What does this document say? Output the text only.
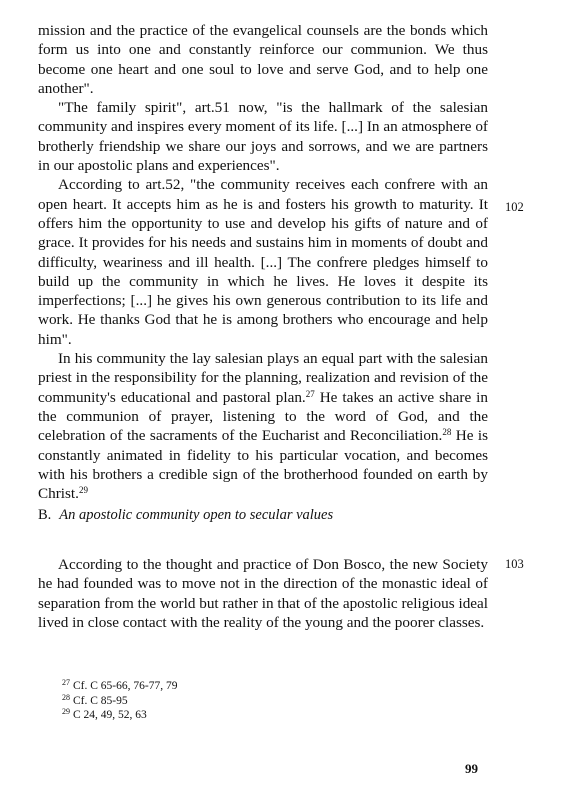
mission and the practice of the evangelical counsels are the bonds which form us into one and constantly reinforce our communion. We thus become one heart and one soul to love and serve God, and to help one another".

"The family spirit", art.51 now, "is the hallmark of the salesian community and inspires every moment of its life. [...] In an atmosphere of brotherly friendship we share our joys and sorrows, and we are partners in our apostolic plans and experiences".

According to art.52, "the community receives each confrere with an open heart. It accepts him as he is and fosters his growth to maturity. It offers him the opportunity to use and develop his gifts of nature and of grace. It provides for his needs and sustains him in moments of doubt and difficulty, weariness and ill health. [...] The confrere pledges himself to build up the community in which he lives. He loves it despite its imperfections; [...] he gives his own generous contribution to its life and work. He thanks God that he is among brothers who encourage and help him".

In his community the lay salesian plays an equal part with the salesian priest in the responsibility for the planning, realization and revision of the community's educational and pastoral plan.$^{27}$ He takes an active share in the communion of prayer, listening to the word of God, and the celebration of the sacraments of the Eucharist and Reconciliation.$^{28}$ He is constantly animated in fidelity to his particular vocation, and becomes with his brothers a credible sign of the brotherhood founded on earth by Christ.$^{29}$

102
B. An apostolic community open to secular values

According to the thought and practice of Don Bosco, the new Society he had founded was to move not in the direction of the monastic ideal of separation from the world but rather in that of the apostolic religious ideal lived in close contact with the reality of the young and the poorer classes.

103
$^{27}$ Cf. C 65-66, 76-77, 79
$^{28}$ Cf. C 85-95
$^{29}$ C 24, 49, 52, 63
99
